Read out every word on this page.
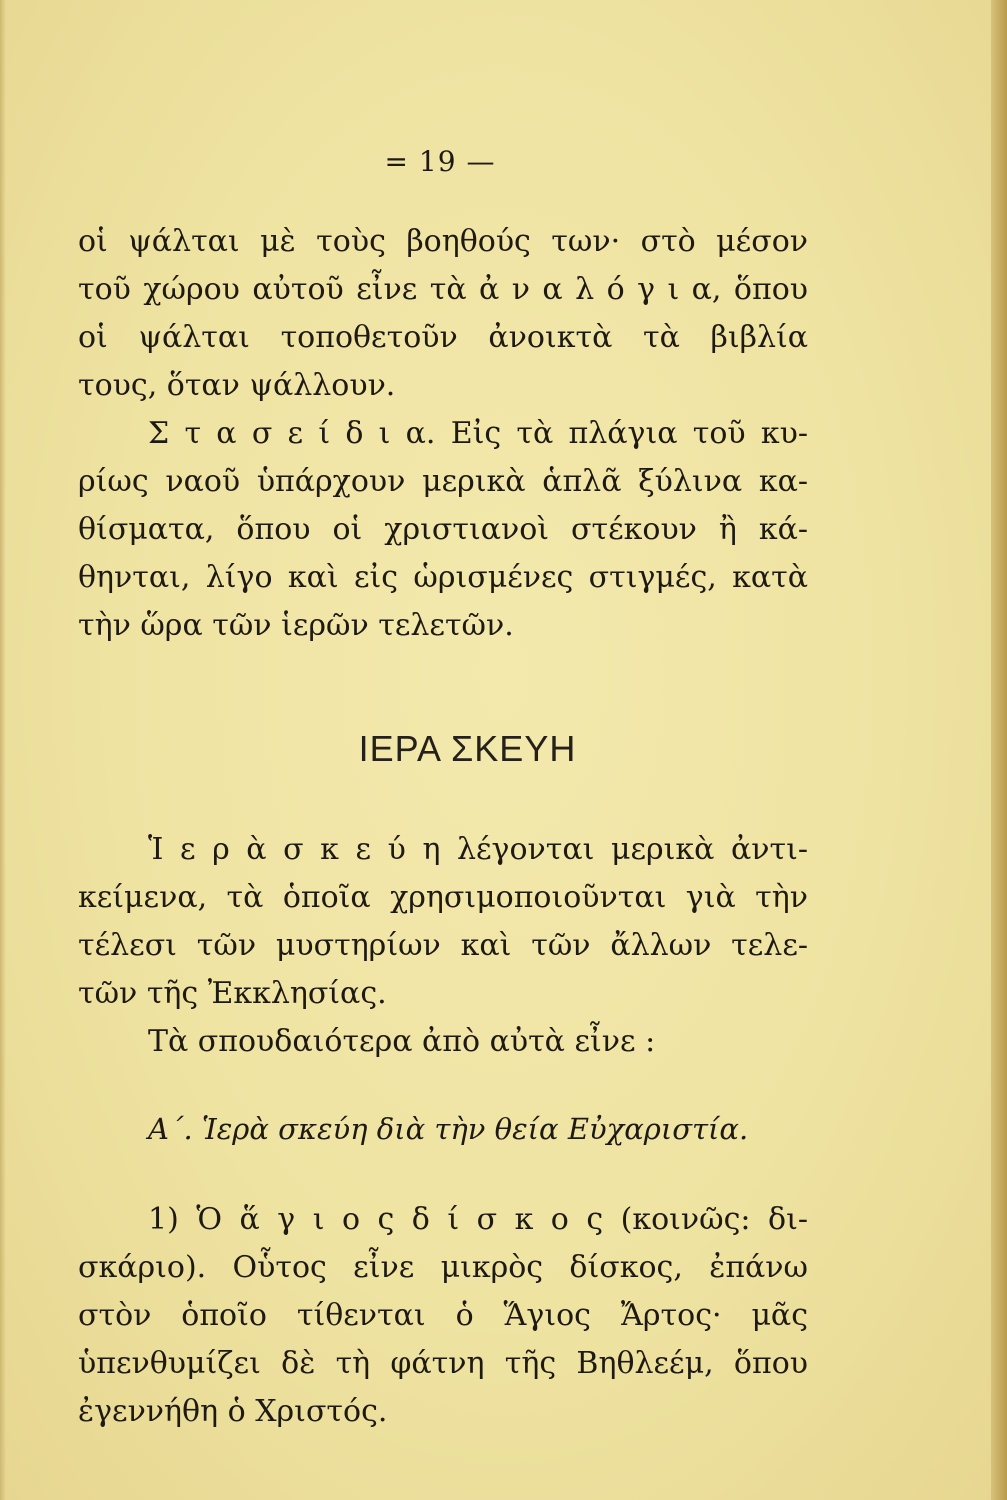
= 19 —
οἱ ψάλται μὲ τοὺς βοηθούς των· στὸ μέσον
τοῦ χώρου αὐτοῦ εἶνε τὰ ἀ ν α λ ό γ ι α, ὅπου
οἱ ψάλται τοποθετοῦν ἀνοικτὰ τὰ βιβλία
τους, ὅταν ψάλλουν.
Σ τ α σ ε ί δ ι α. Εἰς τὰ πλάγια τοῦ κυ-
ρίως ναοῦ ὑπάρχουν μερικὰ ἁπλᾶ ξύλινα κα-
θίσματα, ὅπου οἱ χριστιανοὶ στέκουν ἢ κά-
θηνται, λίγο καὶ εἰς ὡρισμένες στιγμές, κατὰ
τὴν ὥρα τῶν ἱερῶν τελετῶν.
ΙΕΡΑ ΣΚΕΥΗ
Ἱ ε ρ ὰ σ κ ε ύ η λέγονται μερικὰ ἀντι-
κείμενα, τὰ ὁποῖα χρησιμοποιοῦνται γιὰ τὴν
τέλεσι τῶν μυστηρίων καὶ τῶν ἄλλων τελε-
τῶν τῆς Ἐκκλησίας.
Τὰ σπουδαιότερα ἀπὸ αὐτὰ εἶνε :
Α΄. Ἱερὰ σκεύη διὰ τὴν θεία Εὐχαριστία.
1) Ὁ ἅ γ ι ο ς δ ί σ κ ο ς (κοινῶς: δι-
σκάριο). Οὗτος εἶνε μικρὸς δίσκος, ἐπάνω
στὸν ὁποῖο τίθενται ὁ Ἅγιος Ἄρτος· μᾶς
ὑπενθυμίζει δὲ τὴ φάτνη τῆς Βηθλεέμ, ὅπου
ἐγεννήθη ὁ Χριστός.
